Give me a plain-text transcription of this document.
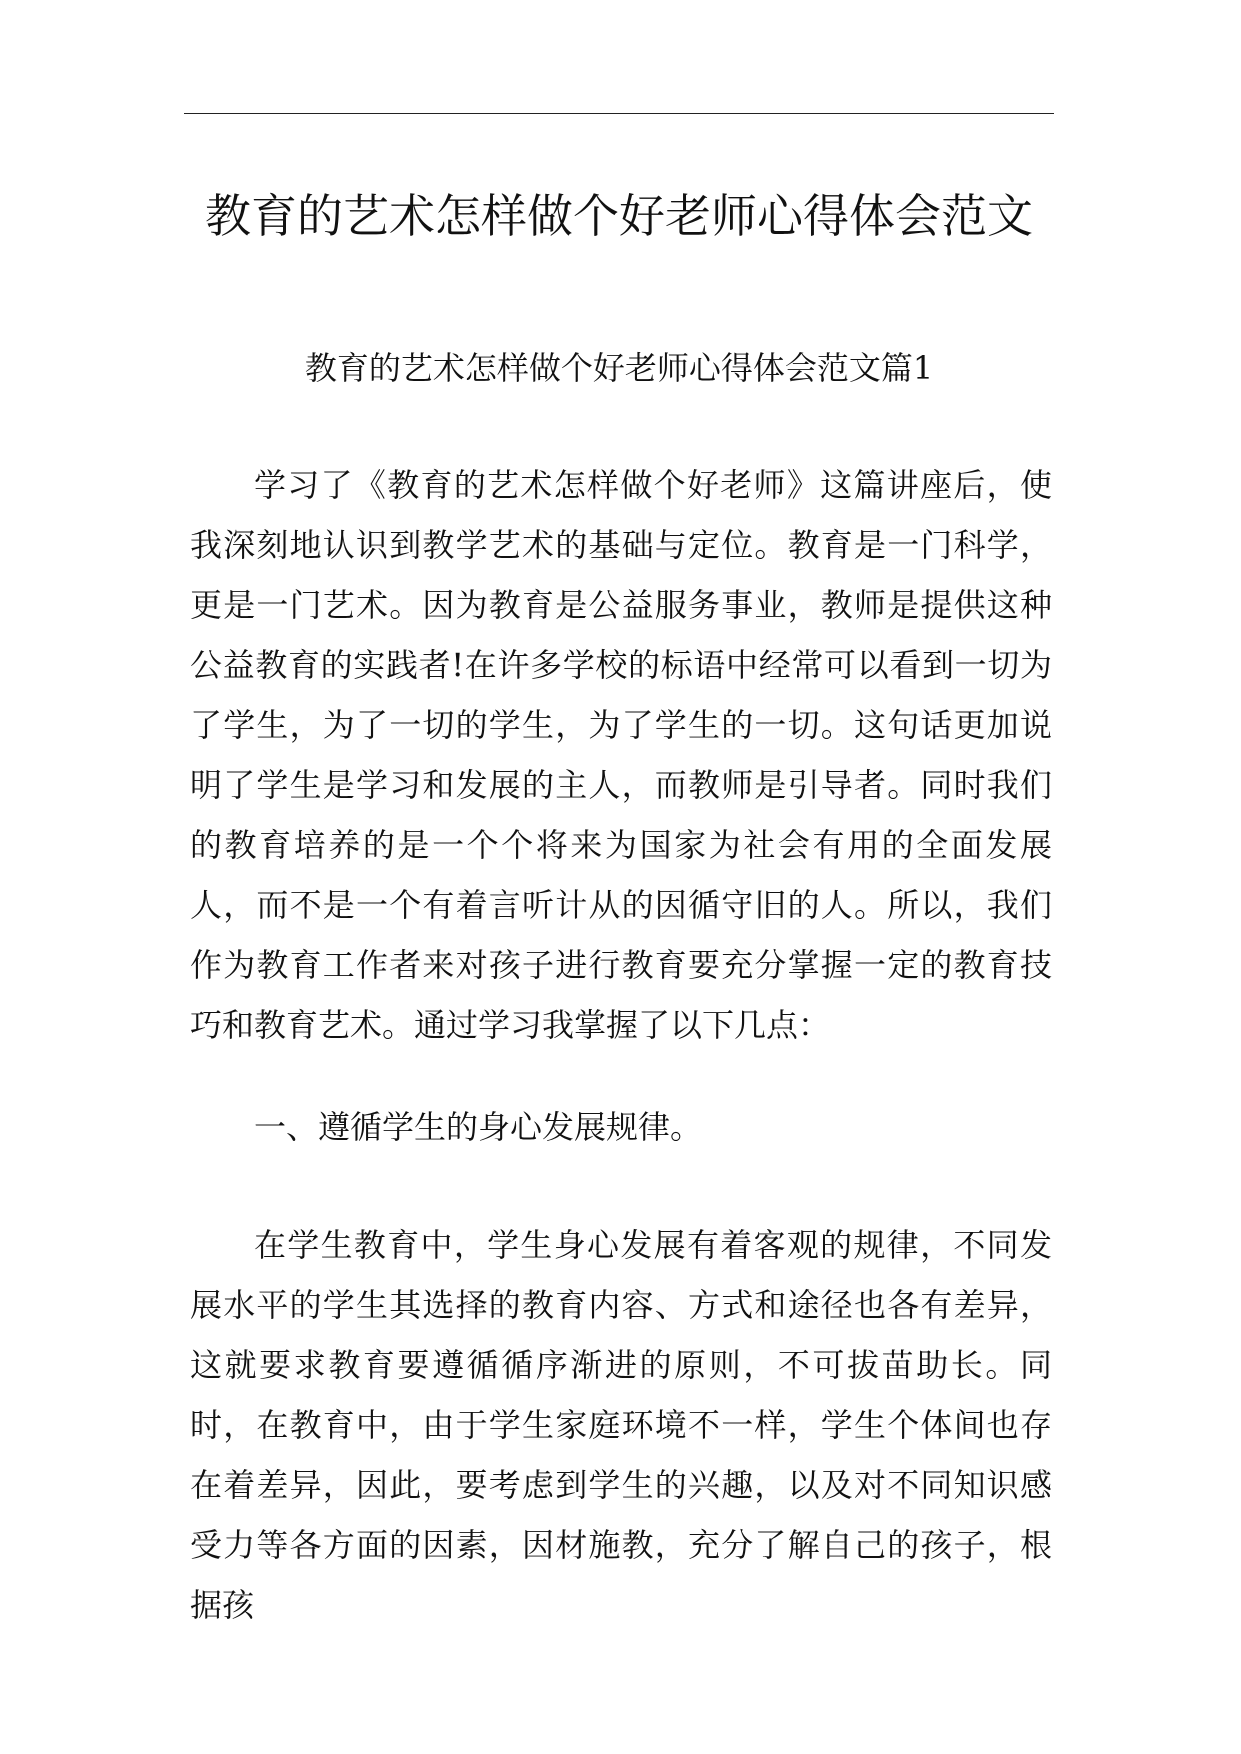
教育的艺术怎样做个好老师心得体会范文
教育的艺术怎样做个好老师心得体会范文篇1

学习了《教育的艺术怎样做个好老师》这篇讲座后，使我深刻地认识到教学艺术的基础与定位。教育是一门科学，更是一门艺术。因为教育是公益服务事业，教师是提供这种公益教育的实践者!在许多学校的标语中经常可以看到一切为了学生，为了一切的学生，为了学生的一切。这句话更加说明了学生是学习和发展的主人，而教师是引导者。同时我们的教育培养的是一个个将来为国家为社会有用的全面发展人，而不是一个有着言听计从的因循守旧的人。所以，我们作为教育工作者来对孩子进行教育要充分掌握一定的教育技巧和教育艺术。通过学习我掌握了以下几点：

一、遵循学生的身心发展规律。

在学生教育中，学生身心发展有着客观的规律，不同发展水平的学生其选择的教育内容、方式和途径也各有差异，这就要求教育要遵循循序渐进的原则，不可拔苗助长。同时，在教育中，由于学生家庭环境不一样，学生个体间也存在着差异，因此，要考虑到学生的兴趣，以及对不同知识感受力等各方面的因素，因材施教，充分了解自己的孩子，根据孩
